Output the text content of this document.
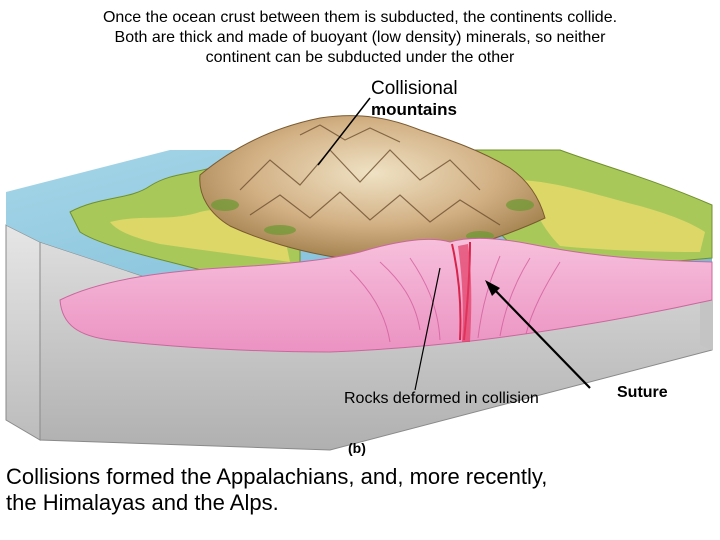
Once the ocean crust between them is subducted, the continents collide.
Both are thick and made of buoyant (low density) minerals, so neither
continent can be subducted under the other
Collisional
mountains
Rocks deformed in collision	Suture
(b)
Collisions formed the Appalachians, and, more recently,
the Himalayas and the Alps.
